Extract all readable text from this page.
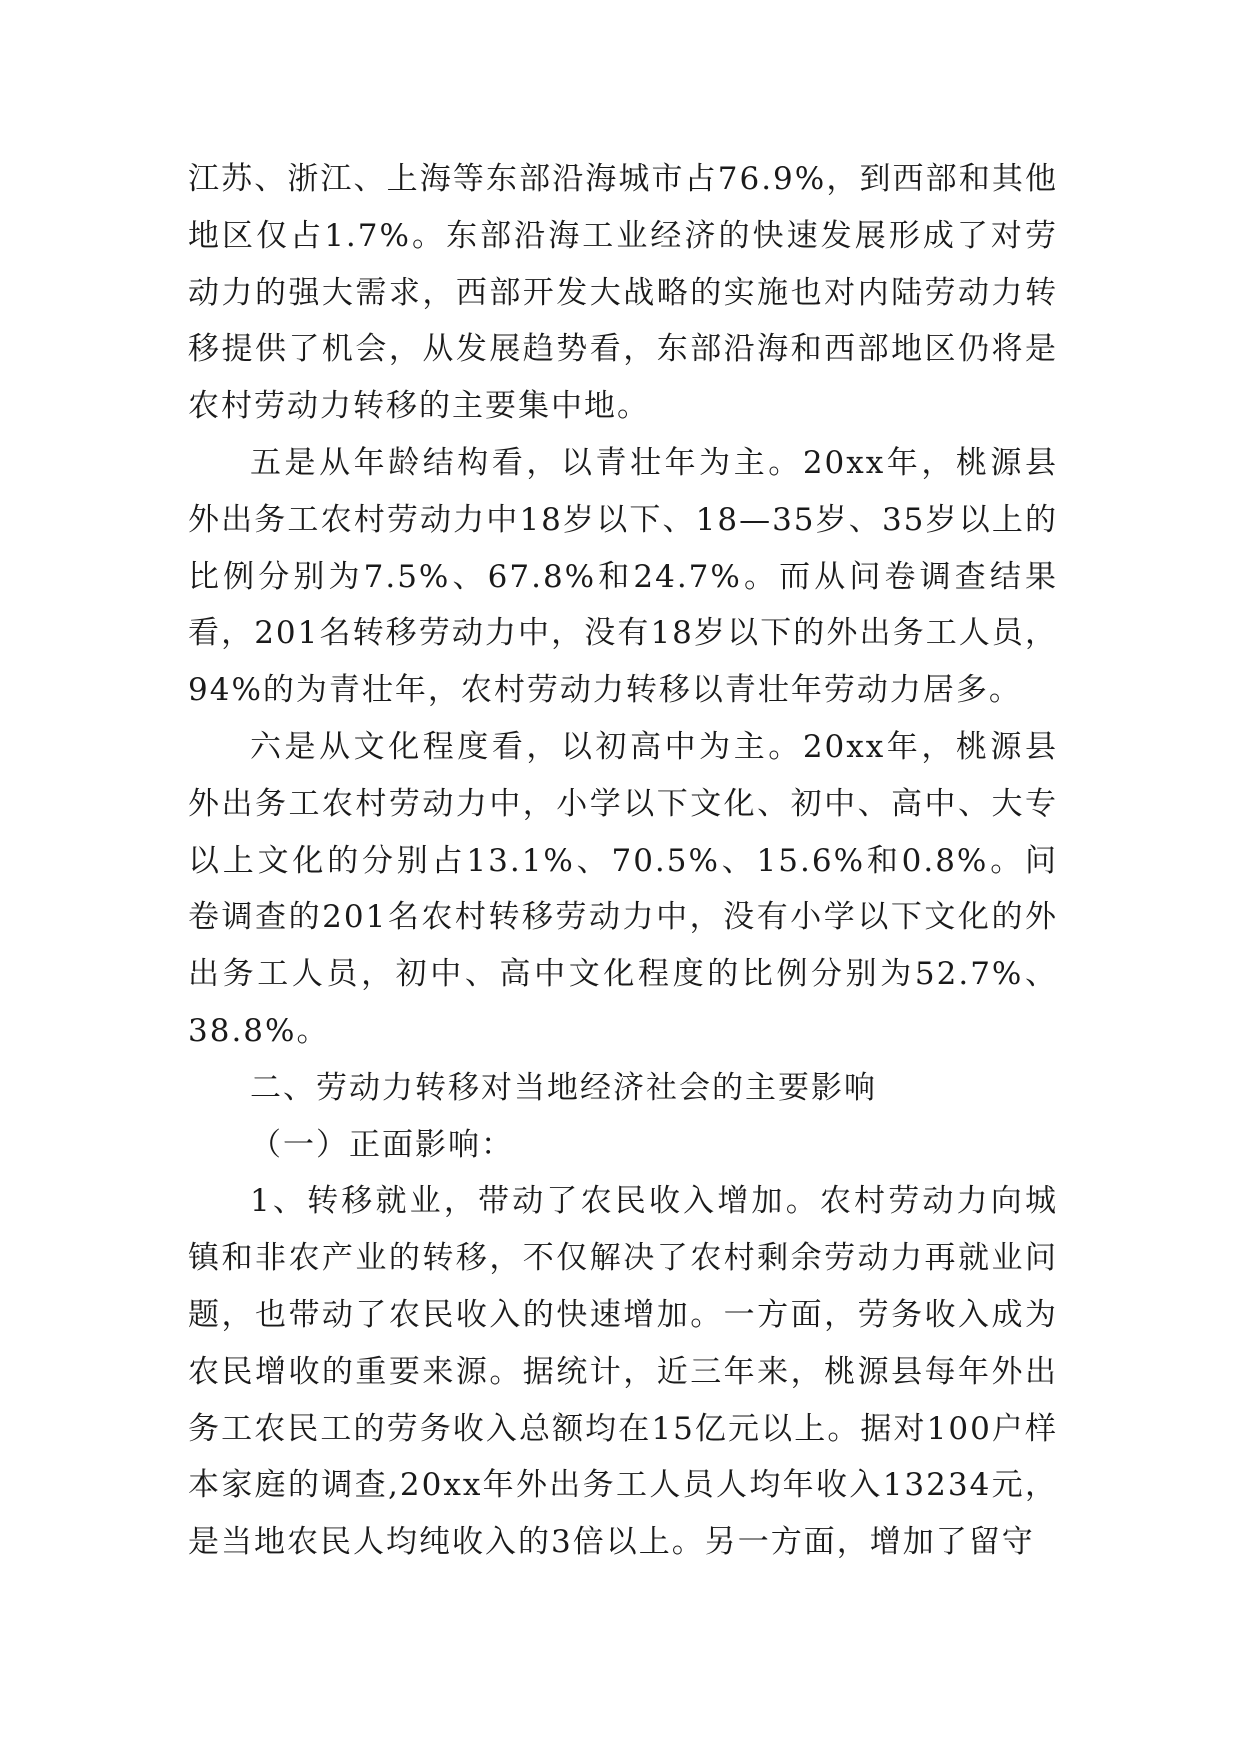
江苏、浙江、上海等东部沿海城市占76.9%，到西部和其他地区仅占1.7%。东部沿海工业经济的快速发展形成了对劳动力的强大需求，西部开发大战略的实施也对内陆劳动力转移提供了机会，从发展趋势看，东部沿海和西部地区仍将是农村劳动力转移的主要集中地。

五是从年龄结构看，以青壮年为主。20xx年，桃源县外出务工农村劳动力中18岁以下、18—35岁、35岁以上的比例分别为7.5%、67.8%和24.7%。而从问卷调查结果看，201名转移劳动力中，没有18岁以下的外出务工人员，94%的为青壮年，农村劳动力转移以青壮年劳动力居多。

六是从文化程度看，以初高中为主。20xx年，桃源县外出务工农村劳动力中，小学以下文化、初中、高中、大专以上文化的分别占13.1%、70.5%、15.6%和0.8%。问卷调查的201名农村转移劳动力中，没有小学以下文化的外出务工人员，初中、高中文化程度的比例分别为52.7%、38.8%。

二、劳动力转移对当地经济社会的主要影响

（一）正面影响：

1、转移就业，带动了农民收入增加。农村劳动力向城镇和非农产业的转移，不仅解决了农村剩余劳动力再就业问题，也带动了农民收入的快速增加。一方面，劳务收入成为农民增收的重要来源。据统计，近三年来，桃源县每年外出务工农民工的劳务收入总额均在15亿元以上。据对100户样本家庭的调查,20xx年外出务工人员人均年收入13234元，是当地农民人均纯收入的3倍以上。另一方面，增加了留守
